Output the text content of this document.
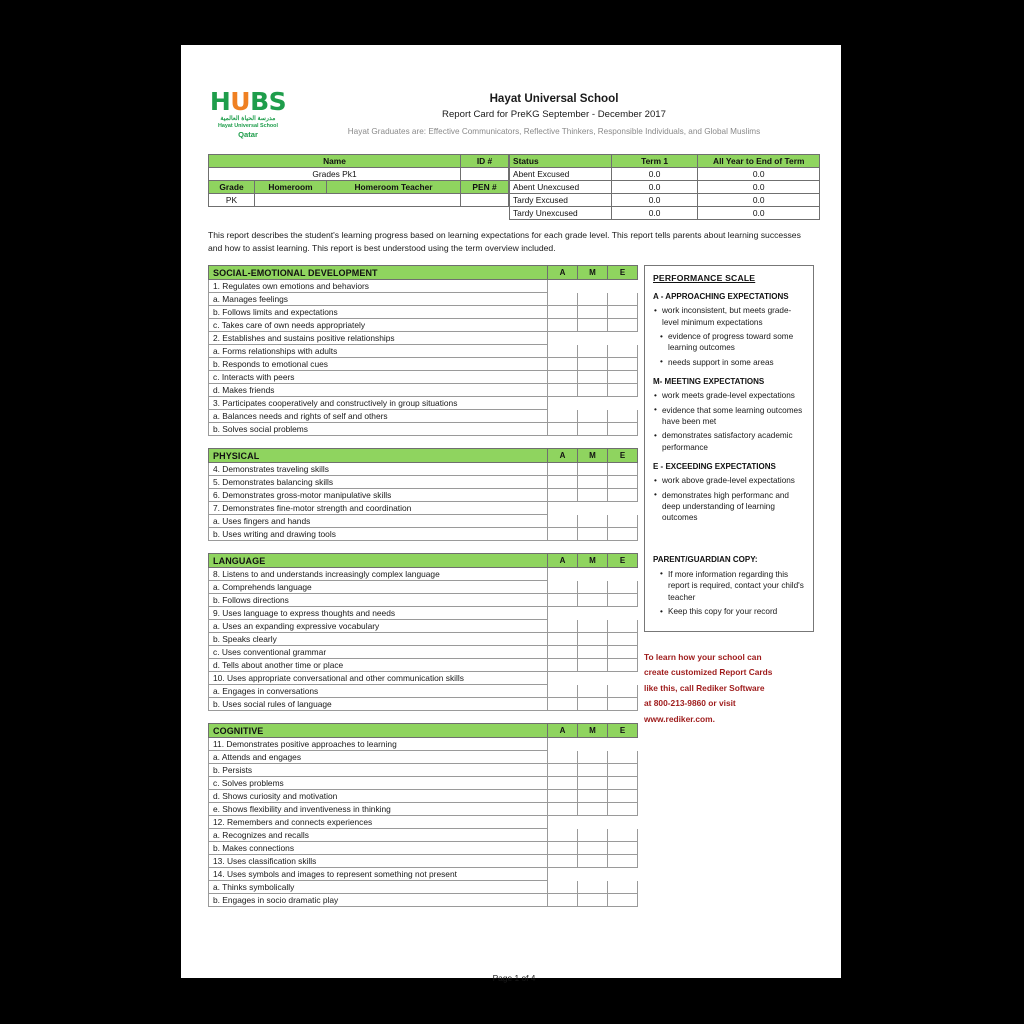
HUBS
مدرسة الحياة العالمية
Hayat Universal School
Qatar
Hayat Universal School
Report Card for PreKG September - December 2017
Hayat Graduates are: Effective Communicators, Reflective Thinkers, Responsible Individuals, and Global Muslims
Name			ID #
Grades Pk1			
Grade	Homeroom	Homeroom Teacher	PEN #
PK			
Status	Term 1	All Year to End of Term
Abent Excused	0.0	0.0
Abent Unexcused	0.0	0.0
Tardy Excused	0.0	0.0
Tardy Unexcused	0.0	0.0
This report describes the student's learning progress based on learning expectations for each grade level. This report tells parents about learning successes and how to assist learning. This report is best understood using the term overview included.
SOCIAL-EMOTIONAL DEVELOPMENT	A	M	E
1. Regulates own emotions and behaviors			
a. Manages feelings			
b. Follows limits and expectations			
c. Takes care of own needs appropriately			
2. Establishes and sustains positive relationships			
a. Forms relationships with adults			
b. Responds to emotional cues			
c. Interacts with peers			
d. Makes friends			
3. Participates cooperatively and constructively in group situations			
a. Balances needs and rights of self and others			
b. Solves social problems			
PHYSICAL	A	M	E
4. Demonstrates traveling skills			
5. Demonstrates balancing skills			
6. Demonstrates gross-motor manipulative skills			
7. Demonstrates fine-motor strength and coordination			
a. Uses fingers and hands			
b. Uses writing and drawing tools			
LANGUAGE	A	M	E
8. Listens to and understands increasingly complex language			
a. Comprehends language			
b. Follows directions			
9. Uses language to express thoughts and needs			
a. Uses an expanding expressive vocabulary			
b. Speaks clearly			
c. Uses conventional grammar			
d. Tells about another time or place			
10. Uses appropriate conversational and other communication skills			
a. Engages in conversations			
b. Uses social rules of language			
COGNITIVE	A	M	E
11. Demonstrates positive approaches to learning			
a. Attends and engages			
b. Persists			
c. Solves problems			
d. Shows curiosity and motivation			
e. Shows flexibility and inventiveness in thinking			
12. Remembers and connects experiences			
a. Recognizes and recalls			
b. Makes connections			
13. Uses classification skills			
14. Uses symbols and images to represent something not present			
a. Thinks symbolically			
b. Engages in socio dramatic play			
PERFORMANCE SCALE
A - APPROACHING EXPECTATIONS
• work inconsistent, but meets grade-level minimum expectations
• evidence of progress toward some learning outcomes
• needs support in some areas
M- MEETING EXPECTATIONS
• work meets grade-level expectations
• evidence that some learning outcomes have been met
• demonstrates satisfactory academic performance
E - EXCEEDING EXPECTATIONS
• work above grade-level expectations
• demonstrates high performanc and deep understanding of learning outcomes
PARENT/GUARDIAN COPY:
• If more information regarding this report is required, contact your child's teacher
• Keep this copy for your record
To learn how your school can
create customized Report Cards
like this, call Rediker Software
at 800-213-9860 or visit
www.rediker.com.
Page 1 of 4
